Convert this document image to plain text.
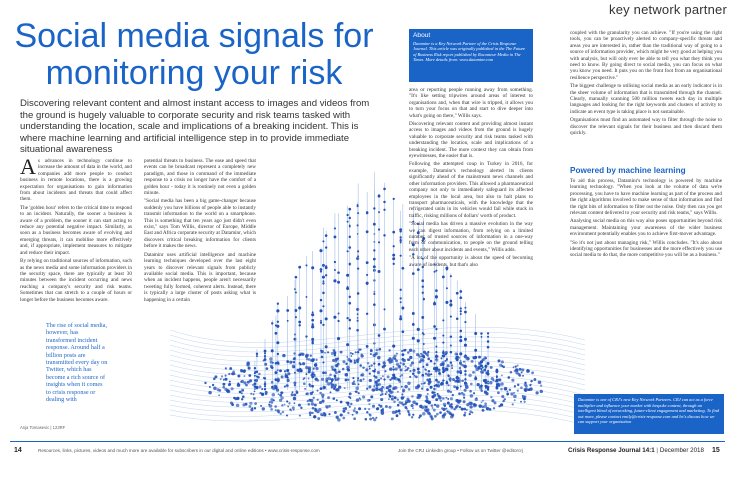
key network partner
Social media signals for monitoring your risk
Discovering relevant content and almost instant access to images and videos from the ground is hugely valuable to corporate security and risk teams tasked with understanding the location, scale and implications of a breaking incident. This is where machine learning and artificial intelligence step in to provide immediate situational awareness
About
Dataminr is a Key Network Partner of the Crisis Response Journal. This article was originally published in the The Future of Business Risk report published by Raconteur Media in The Times. More details from: www.dataminr.com

As advances in technology continue to increase the amount of data in the world, and companies add more people to conduct business in remote locations, there is a growing expectation for organisations to gain information from about incidents and threats that could affect them.

The 'golden hour' refers to the critical time to respond to an incident. Naturally, the sooner a business is aware of a problem, the sooner it can start acting to reduce any potential negative impact. Similarly, as soon as a business becomes aware of evolving and emerging threats, it can mobilise more effectively and, if appropriate, implement measures to mitigate and reduce their impact.

By relying on traditional sources of information, such as the news media and some information providers in the security space, there are typically at least 30 minutes between the incident occurring and news reaching a company's security and risk teams. Sometimes that can stretch to a couple of hours or longer before the business becomes aware.

The rise of social media, however, has transformed incident response. Around half a billion posts are transmitted every day on Twitter, which has become a rich source of insights when it comes to crisis response or dealing with

potential threats to business. The ease and speed that events can be broadcast represent a completely new paradigm, and those in command of the immediate response to a crisis no longer have the comfort of a golden hour - today it is routinely not even a golden minute.

"Social media has been a big game-changer because suddenly you have billions of people able to instantly transmit information to the world on a smartphone. This is something that ten years ago just didn't even exist," says Tom Willis, director of Europe, Middle East and Africa corporate security at Dataminr, which discovers critical breaking information for clients before it makes the news.

Dataminr uses artificial intelligence and machine learning techniques developed over the last eight years to discover relevant signals from publicly available social media. This is important, because when an incident happens, people aren't necessarily tweeting fully formed, coherent alerts. Instead, there is typically a large cluster of posts asking what is happening in a certain

area or reporting people running away from something. "It's like setting tripwires around areas of interest to organisations and, when that wire is tripped, it allows you to turn your focus on that and start to dive deeper into what's going on there," Willis says.

Discovering relevant content and providing almost instant access to images and videos from the ground is hugely valuable to corporate security and risk teams tasked with understanding the location, scale and implications of a breaking incident. The more context they can obtain from eyewitnesses, the easier that is.

Following the attempted coup in Turkey in 2016, for example, Dataminr's technology alerted its clients significantly ahead of the mainstream news channels and other information providers. This allowed a pharmaceutical company not only to immediately safeguard its affected employees in the local area, but also to halt plans to transport pharmaceuticals, with the knowledge that the refrigerated units in its vehicles would fail while stuck in traffic, risking millions of dollars' worth of product.

"Social media has driven a massive evolution in the way we can digest information, from relying on a limited number of trusted sources of information in a one-way form of communication, to people on the ground telling each other about incidents and events," Willis adds.

"A lot of the opportunity is about the speed of becoming aware of incidents, but that's also

coupled with the granularity you can achieve. "If you're using the right tools, you can be proactively alerted to company-specific threats and areas you are interested in, rather than the traditional way of going to a source of information provider, which might be very good at helping you with analysis, but will only ever be able to tell you what they think you need to know. By going direct to social media, you can focus on what you know you need. It puts you on the front foot from an organisational resilience perspective."

The biggest challenge to utilising social media as an early indicator is in the sheer volume of information that is transmitted through the channel. Clearly, manually scanning 500 million tweets each day in multiple languages and looking for the right keywords and clusters of activity to indicate an event type is taking place is not sustainable.

Organisations must find an automated way to filter through the noise to discover the relevant signals for their business and then discard them quickly.

Powered by machine learning

To aid this process, Dataminr's technology is powered by machine learning technology. "When you look at the volume of data we're processing, you have to have machine learning as part of the process and the right algorithms involved to make sense of that information and find the right bits of information to filter out the noise. Only then can you get relevant content delivered to your security and risk teams," says Willis.

Analysing social media on this way also poses opportunities beyond risk management. Maintaining your awareness of the wider business environment potentially enables you to achieve first-mover advantage.

"So it's not just about managing risk," Willis concludes. "It's also about identifying opportunities for businesses and the more effectively you use social media to do that, the more competitive you will be as a business."

Dataminr is one of CRJ's new Key Network Partners. CRJ can act as a force multiplier and influence your market with bespoke content, through an intelligent blend of networking, future-client engagement and marketing. To find out more, please contact emily@crisis-response.com and let's discuss how we can support your organisation
Anja Tomasevic | 123RF
14	Resources, links, pictures, videos and much more are available for subscribers in our digital and online editions • www.crisis-response.com	Join the CRJ LinkedIn group • Follow us on Twitter @editorcrj	Crisis Response Journal 14:1 | December 2018 15
